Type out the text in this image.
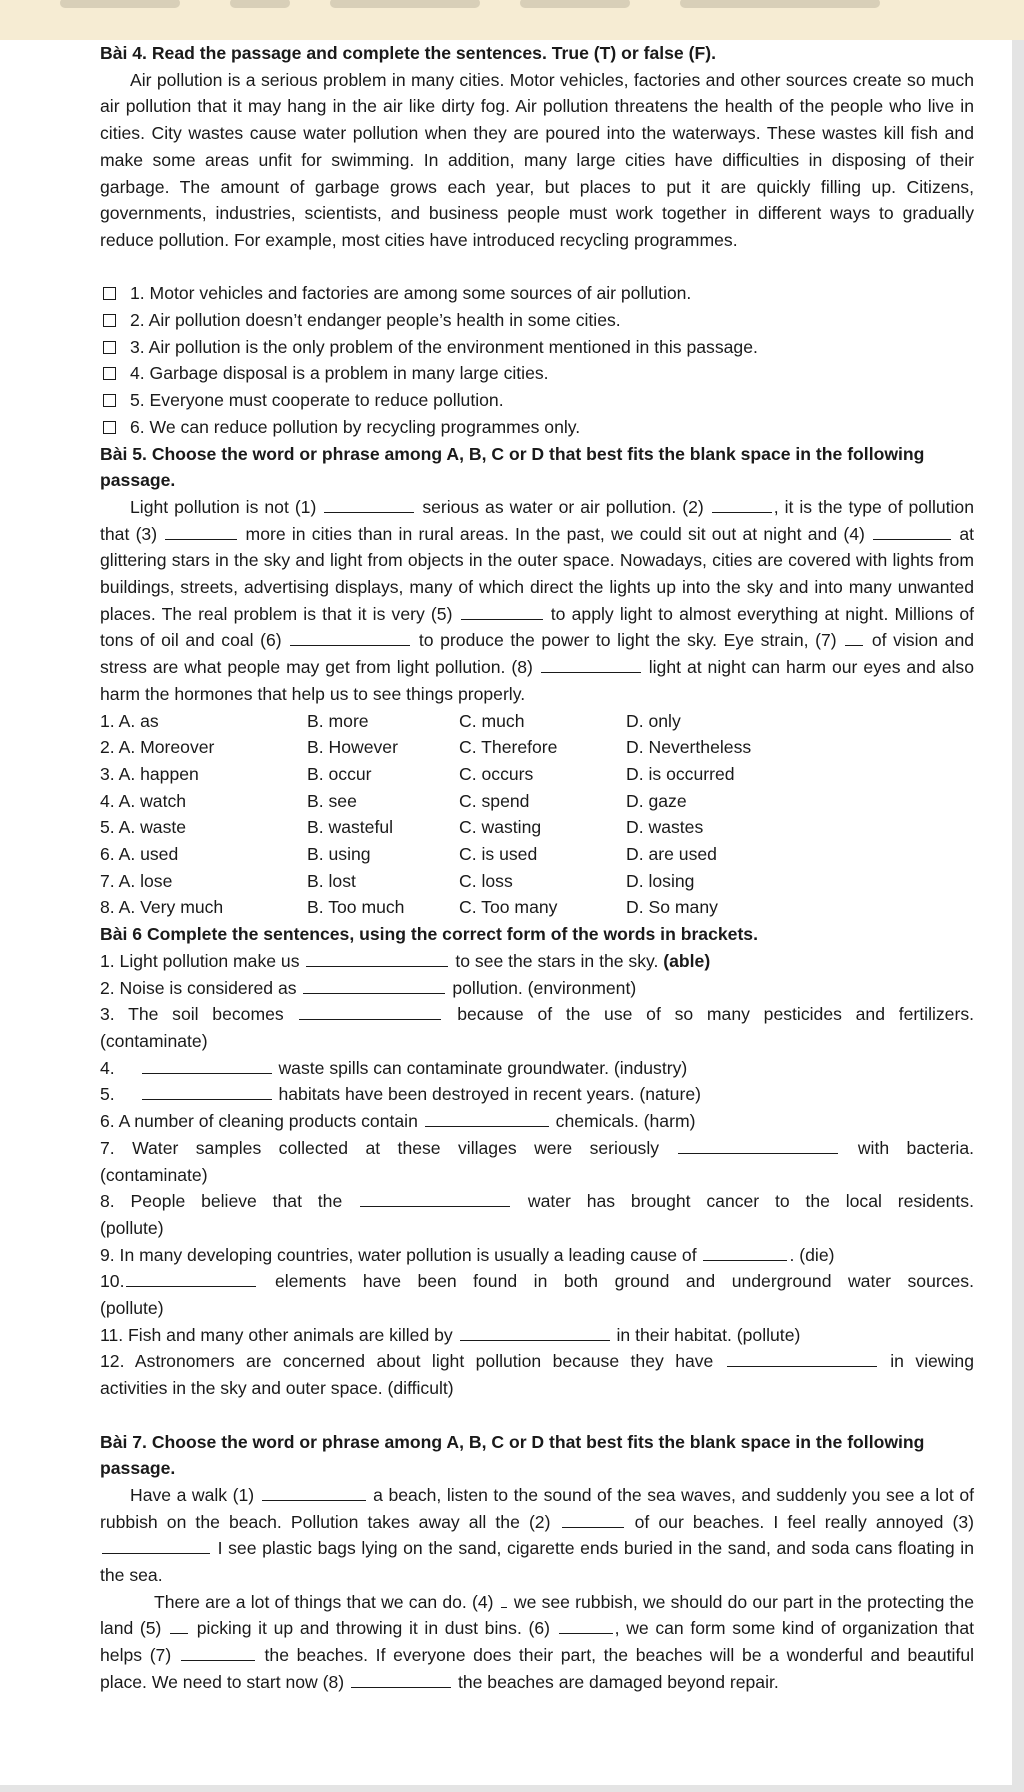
Bài 4. Read the passage and complete the sentences. True (T) or false (F).

Air pollution is a serious problem in many cities. Motor vehicles, factories and other sources create so much air pollution that it may hang in the air like dirty fog. Air pollution threatens the health of the people who live in cities. City wastes cause water pollution when they are poured into the waterways. These wastes kill fish and make some areas unfit for swimming. In addition, many large cities have difficulties in disposing of their garbage. The amount of garbage grows each year, but places to put it are quickly filling up. Citizens, governments, industries, scientists, and business people must work together in different ways to gradually reduce pollution. For example, most cities have introduced recycling programmes.

1. Motor vehicles and factories are among some sources of air pollution.
2. Air pollution doesn’t endanger people’s health in some cities.
3. Air pollution is the only problem of the environment mentioned in this passage.
4. Garbage disposal is a problem in many large cities.
5. Everyone must cooperate to reduce pollution.
6. We can reduce pollution by recycling programmes only.
Bài 5. Choose the word or phrase among A, B, C or D that best fits the blank space in the following passage.

Light pollution is not (1)	serious as water or air pollution. (2)	, it is the type of pollution that (3)	more in cities than in rural areas. In the past, we could sit out at night and (4)	at glittering stars in the sky and light from objects in the outer space. Nowadays, cities are covered with lights from buildings, streets, advertising displays, many of which direct the lights up into the sky and into many unwanted places. The real problem is that it is very (5)	to apply light to almost everything at night. Millions of tons of oil and coal (6)	to produce the power to light the sky. Eye strain, (7) of vision and stress are what people may get from light pollution. (8)	light at night can harm our eyes and also harm the hormones that help us to see things properly.

1. A. as	B. more	C. much	D. only
2. A. Moreover	B. However	C. Therefore	D. Nevertheless
3. A. happen	B. occur	C. occurs	D. is occurred
4. A. watch	B. see	C. spend	D. gaze
5. A. waste	B. wasteful	C. wasting	D. wastes
6. A. used	B. using	C. is used	D. are used
7. A. lose	B. lost	C. loss	D. losing
8. A. Very much	B. Too much	C. Too many	D. So many
Bài 6 Complete the sentences, using the correct form of the words in brackets.
1. Light pollution make us	to see the stars in the sky. (able)
2. Noise is considered as	pollution. (environment)
3. The soil becomes	because of the use of so many pesticides and fertilizers.
(contaminate)
4.	waste spills can contaminate groundwater. (industry)
5.	habitats have been destroyed in recent years. (nature)
6. A number of cleaning products contain	chemicals. (harm)
7. Water samples collected at these villages were seriously	with bacteria.
(contaminate)
8. People believe that the	water has brought cancer to the local residents.
(pollute)
9. In many developing countries, water pollution is usually a leading cause of	. (die)
10.	elements have been found in both ground and underground water sources.
(pollute)
11. Fish and many other animals are killed by	in their habitat. (pollute)
12. Astronomers are concerned about light pollution because they have	in viewing
activities in the sky and outer space. (difficult)
Bài 7. Choose the word or phrase among A, B, C or D that best fits the blank space in the following passage.

Have a walk (1)	a beach, listen to the sound of the sea waves, and suddenly you see a lot of rubbish on the beach. Pollution takes away all the (2)	of our beaches. I feel really annoyed (3)  I see plastic bags lying on the sand, cigarette ends buried in the sand, and soda cans floating in the sea.

There are a lot of things that we can do. (4) we see rubbish, we should do our part in the protecting the land (5) picking it up and throwing it in dust bins. (6)	, we can form some kind of organization that helps (7)	the beaches. If everyone does their part, the beaches will be a wonderful and beautiful place. We need to start now (8)	the beaches are damaged beyond repair.
